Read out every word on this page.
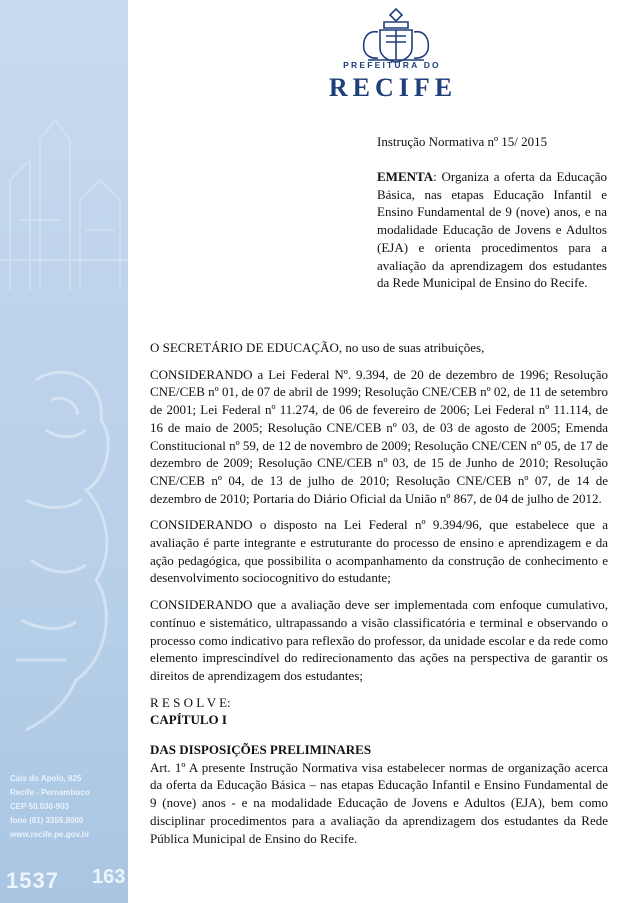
Cais do Apolo, 925
Recife - Pernambuco
CEP 50.030-903
fone (81) 3355.8000
www.recife.pe.gov.br
1537 163
PREFEITURA DO
RECIFE
Instrução Normativa nº 15/ 2015
EMENTA: Organiza a oferta da Educação Básica, nas etapas Educação Infantil e Ensino Fundamental de 9 (nove) anos, e na modalidade Educação de Jovens e Adultos (EJA) e orienta procedimentos para a avaliação da aprendizagem dos estudantes da Rede Municipal de Ensino do Recife.

O SECRETÁRIO DE EDUCAÇÃO, no uso de suas atribuições,

CONSIDERANDO a Lei Federal Nº. 9.394, de 20 de dezembro de 1996; Resolução CNE/CEB nº 01, de 07 de abril de 1999; Resolução CNE/CEB nº 02, de 11 de setembro de 2001; Lei Federal nº 11.274, de 06 de fevereiro de 2006; Lei Federal nº 11.114, de 16 de maio de 2005; Resolução CNE/CEB nº 03, de 03 de agosto de 2005; Emenda Constitucional nº 59, de 12 de novembro de 2009; Resolução CNE/CEN nº 05, de 17 de dezembro de 2009; Resolução CNE/CEB nº 03, de 15 de Junho de 2010; Resolução CNE/CEB nº 04, de 13 de julho de 2010; Resolução CNE/CEB nº 07, de 14 de dezembro de 2010; Portaria do Diário Oficial da União nº 867, de 04 de julho de 2012.

CONSIDERANDO o disposto na Lei Federal nº 9.394/96, que estabelece que a avaliação é parte integrante e estruturante do processo de ensino e aprendizagem e da ação pedagógica, que possibilita o acompanhamento da construção de conhecimento e desenvolvimento sociocognitivo do estudante;

CONSIDERANDO que a avaliação deve ser implementada com enfoque cumulativo, contínuo e sistemático, ultrapassando a visão classificatória e terminal e observando o processo como indicativo para reflexão do professor, da unidade escolar e da rede como elemento imprescindível do redirecionamento das ações na perspectiva de garantir os direitos de aprendizagem dos estudantes;

R E S O L V E:

CAPÍTULO I

DAS DISPOSIÇÕES PRELIMINARES

Art. 1º A presente Instrução Normativa visa estabelecer normas de organização acerca da oferta da Educação Básica – nas etapas Educação Infantil e Ensino Fundamental de 9 (nove) anos - e na modalidade Educação de Jovens e Adultos (EJA), bem como disciplinar procedimentos para a avaliação da aprendizagem dos estudantes da Rede Pública Municipal de Ensino do Recife.
